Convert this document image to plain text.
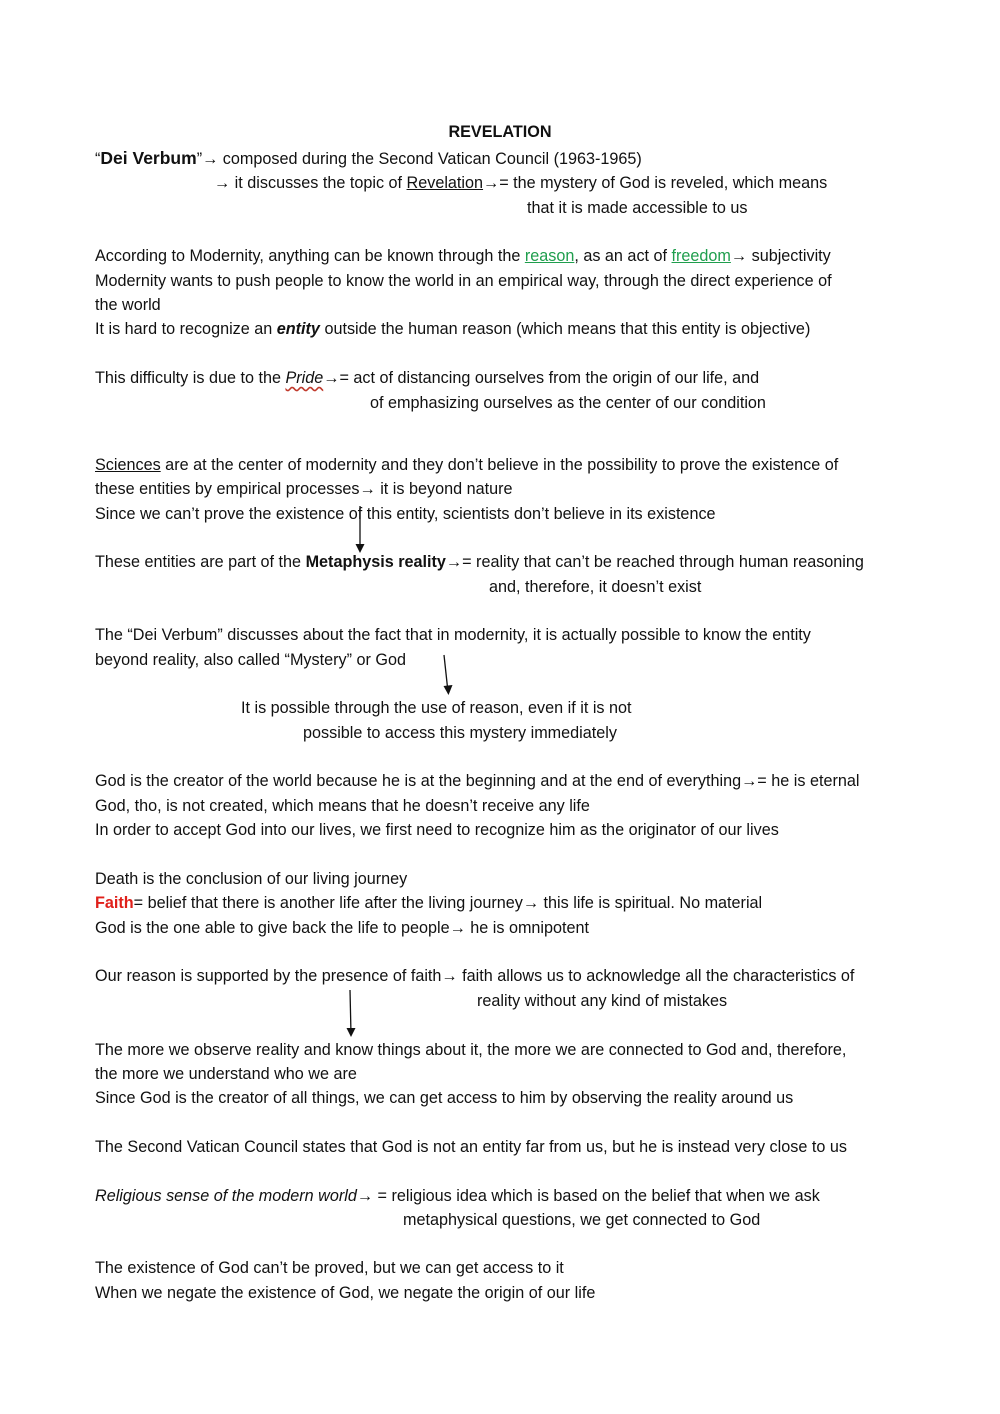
REVELATION
“Dei Verbum”→ composed during the Second Vatican Council (1963-1965)
→ it discusses the topic of Revelation→= the mystery of God is reveled, which means
that it is made accessible to us
According to Modernity, anything can be known through the reason, as an act of freedom→ subjectivity
Modernity wants to push people to know the world in an empirical way, through the direct experience of
the world
It is hard to recognize an entity outside the human reason (which means that this entity is objective)
This difficulty is due to the Pride→= act of distancing ourselves from the origin of our life, and
of emphasizing ourselves as the center of our condition
Sciences are at the center of modernity and they don’t believe in the possibility to prove the existence of
these entities by empirical processes→ it is beyond nature
Since we can’t prove the existence of this entity, scientists don’t believe in its existence
These entities are part of the Metaphysis reality→= reality that can’t be reached through human reasoning
and, therefore, it doesn’t exist
The “Dei Verbum” discusses about the fact that in modernity, it is actually possible to know the entity
beyond reality, also called “Mystery” or God
It is possible through the use of reason, even if it is not
possible to access this mystery immediately
God is the creator of the world because he is at the beginning and at the end of everything→= he is eternal
God, tho, is not created, which means that he doesn’t receive any life
In order to accept God into our lives, we first need to recognize him as the originator of our lives
Death is the conclusion of our living journey
Faith= belief that there is another life after the living journey→ this life is spiritual. No material
God is the one able to give back the life to people→ he is omnipotent
Our reason is supported by the presence of faith→ faith allows us to acknowledge all the characteristics of
reality without any kind of mistakes
The more we observe reality and know things about it, the more we are connected to God and, therefore,
the more we understand who we are
Since God is the creator of all things, we can get access to him by observing the reality around us
The Second Vatican Council states that God is not an entity far from us, but he is instead very close to us
Religious sense of the modern world→ = religious idea which is based on the belief that when we ask
metaphysical questions, we get connected to God
The existence of God can’t be proved, but we can get access to it
When we negate the existence of God, we negate the origin of our life
